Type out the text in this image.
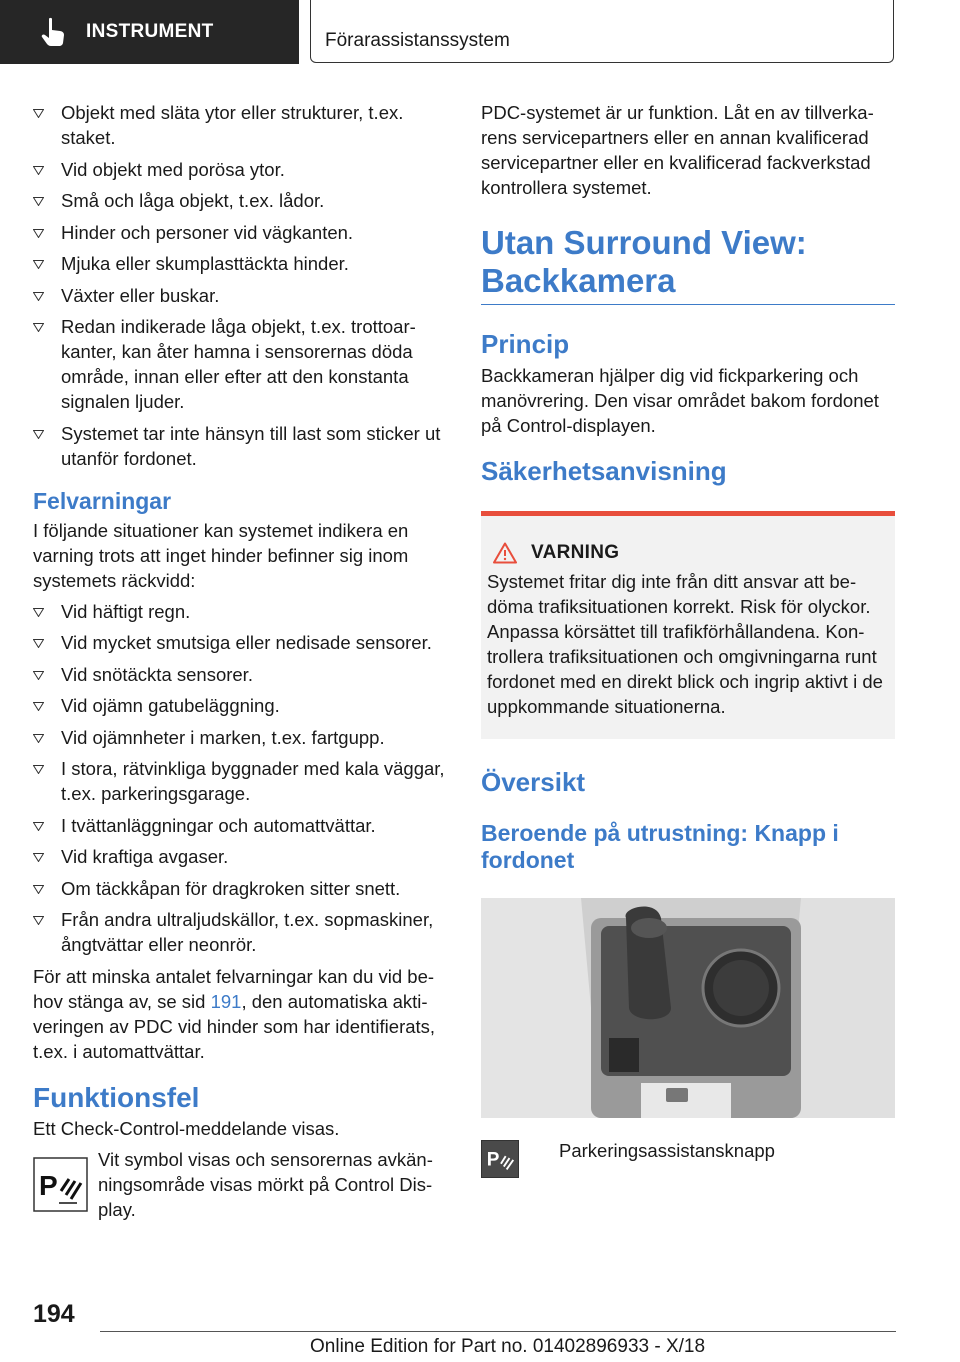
INSTRUMENT	Förarassistanssystem
Objekt med släta ytor eller strukturer, t.ex. staket.
Vid objekt med porösa ytor.
Små och låga objekt, t.ex. lådor.
Hinder och personer vid vägkanten.
Mjuka eller skumplasttäckta hinder.
Växter eller buskar.
Redan indikerade låga objekt, t.ex. trottoarkanter, kan åter hamna i sensorernas döda område, innan eller efter att den konstanta signalen ljuder.
Systemet tar inte hänsyn till last som sticker ut utanför fordonet.
Felvarningar

I följande situationer kan systemet indikera en varning trots att inget hinder befinner sig inom systemets räckvidd:

Vid häftigt regn.
Vid mycket smutsiga eller nedisade sensorer.
Vid snötäckta sensorer.
Vid ojämn gatubeläggning.
Vid ojämnheter i marken, t.ex. fartgupp.
I stora, rätvinkliga byggnader med kala väggar, t.ex. parkeringsgarage.
I tvättanläggningar och automattvättar.
Vid kraftiga avgaser.
Om täckkåpan för dragkroken sitter snett.
Från andra ultraljudskällor, t.ex. sopmaskiner, ångtvättar eller neonrör.

För att minska antalet felvarningar kan du vid behov stänga av, se sid 191, den automatiska aktiveringen av PDC vid hinder som har identifierats, t.ex. i automattvättar.

Funktionsfel

Ett Check-Control-meddelande visas.

P

Vit symbol visas och sensorernas avkänningsområde visas mörkt på Control Display.

PDC-systemet är ur funktion. Låt en av tillverkarens servicepartners eller en annan kvalificerad servicepartner eller en kvalificerad fackverkstad kontrollera systemet.

Utan Surround View: Backkamera
Princip

Backkameran hjälper dig vid fickparkering och manövrering. Den visar området bakom fordonet på Control-displayen.

Säkerhetsanvisning
VARNING

Systemet fritar dig inte från ditt ansvar att bedöma trafiksituationen korrekt. Risk för olyckor. Anpassa körsättet till trafikförhållandena. Kontrollera trafiksituationen och omgivningarna runt fordonet med en direkt blick och ingrip aktivt i de uppkommande situationerna.

Översikt
Beroende på utrustning: Knapp i fordonet
P	Parkeringsassistansknapp

194
Online Edition for Part no. 01402896933 - X/18
